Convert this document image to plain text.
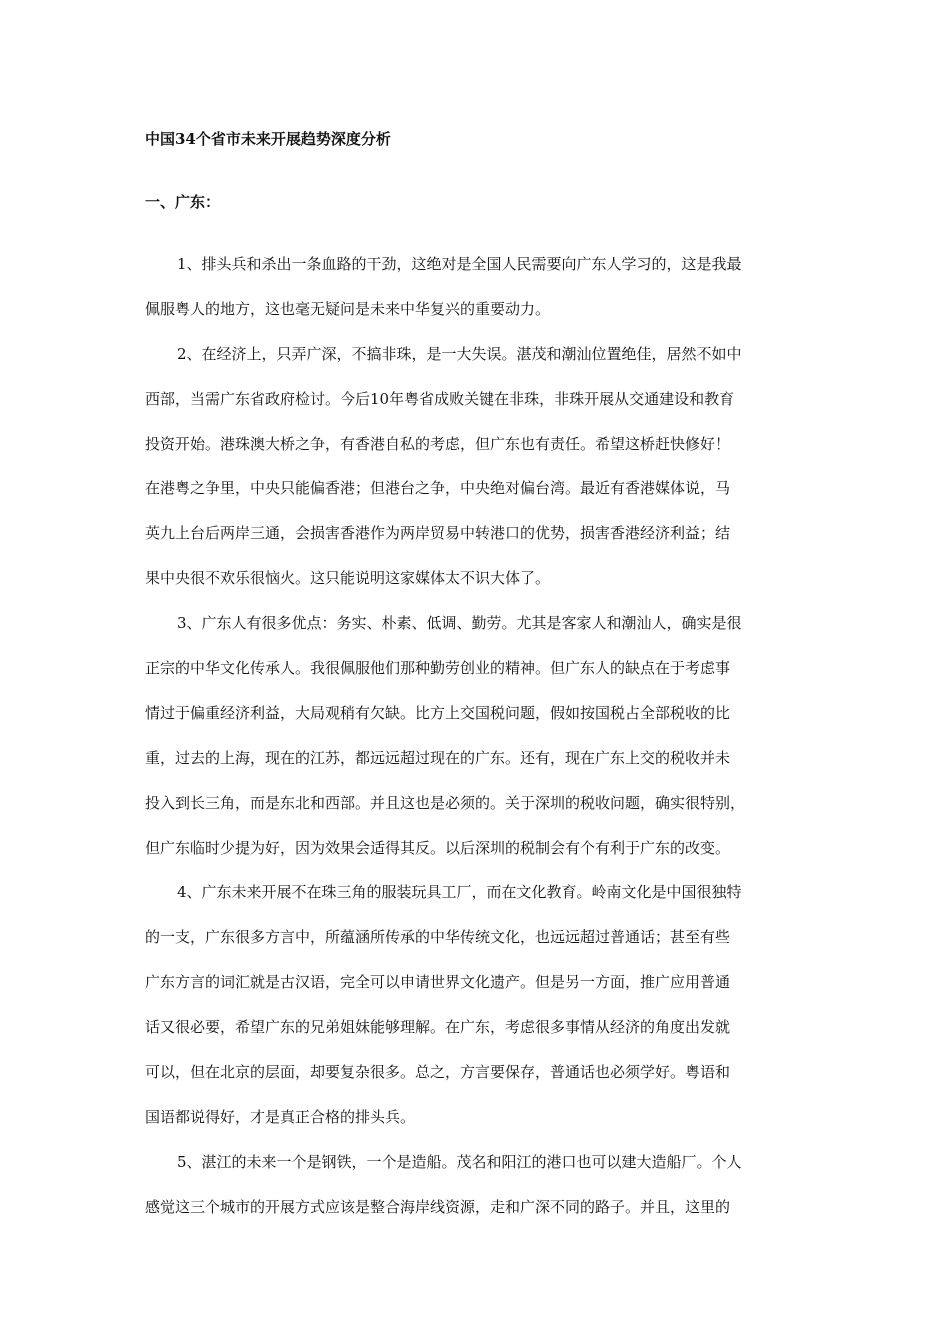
中国34个省市未来开展趋势深度分析
一、广东：
1、排头兵和杀出一条血路的干劲，这绝对是全国人民需要向广东人学习的，这是我最
佩服粤人的地方，这也毫无疑问是未来中华复兴的重要动力。
2、在经济上，只弄广深，不搞非珠，是一大失误。湛茂和潮汕位置绝佳，居然不如中
西部，当需广东省政府检讨。今后10年粤省成败关键在非珠，非珠开展从交通建设和教育
投资开始。港珠澳大桥之争，有香港自私的考虑，但广东也有责任。希望这桥赶快修好！
在港粤之争里，中央只能偏香港；但港台之争，中央绝对偏台湾。最近有香港媒体说，马
英九上台后两岸三通，会损害香港作为两岸贸易中转港口的优势，损害香港经济利益；结
果中央很不欢乐很恼火。这只能说明这家媒体太不识大体了。
3、广东人有很多优点：务实、朴素、低调、勤劳。尤其是客家人和潮汕人，确实是很
正宗的中华文化传承人。我很佩服他们那种勤劳创业的精神。但广东人的缺点在于考虑事
情过于偏重经济利益，大局观稍有欠缺。比方上交国税问题，假如按国税占全部税收的比
重，过去的上海，现在的江苏，都远远超过现在的广东。还有，现在广东上交的税收并未
投入到长三角，而是东北和西部。并且这也是必须的。关于深圳的税收问题，确实很特别，
但广东临时少提为好，因为效果会适得其反。以后深圳的税制会有个有利于广东的改变。
4、广东未来开展不在珠三角的服装玩具工厂，而在文化教育。岭南文化是中国很独特
的一支，广东很多方言中，所蕴涵所传承的中华传统文化，也远远超过普通话；甚至有些
广东方言的词汇就是古汉语，完全可以申请世界文化遗产。但是另一方面，推广应用普通
话又很必要，希望广东的兄弟姐妹能够理解。在广东，考虑很多事情从经济的角度出发就
可以，但在北京的层面，却要复杂很多。总之，方言要保存，普通话也必须学好。粤语和
国语都说得好，才是真正合格的排头兵。
5、湛江的未来一个是钢铁，一个是造船。茂名和阳江的港口也可以建大造船厂。个人
感觉这三个城市的开展方式应该是整合海岸线资源，走和广深不同的路子。并且，这里的
